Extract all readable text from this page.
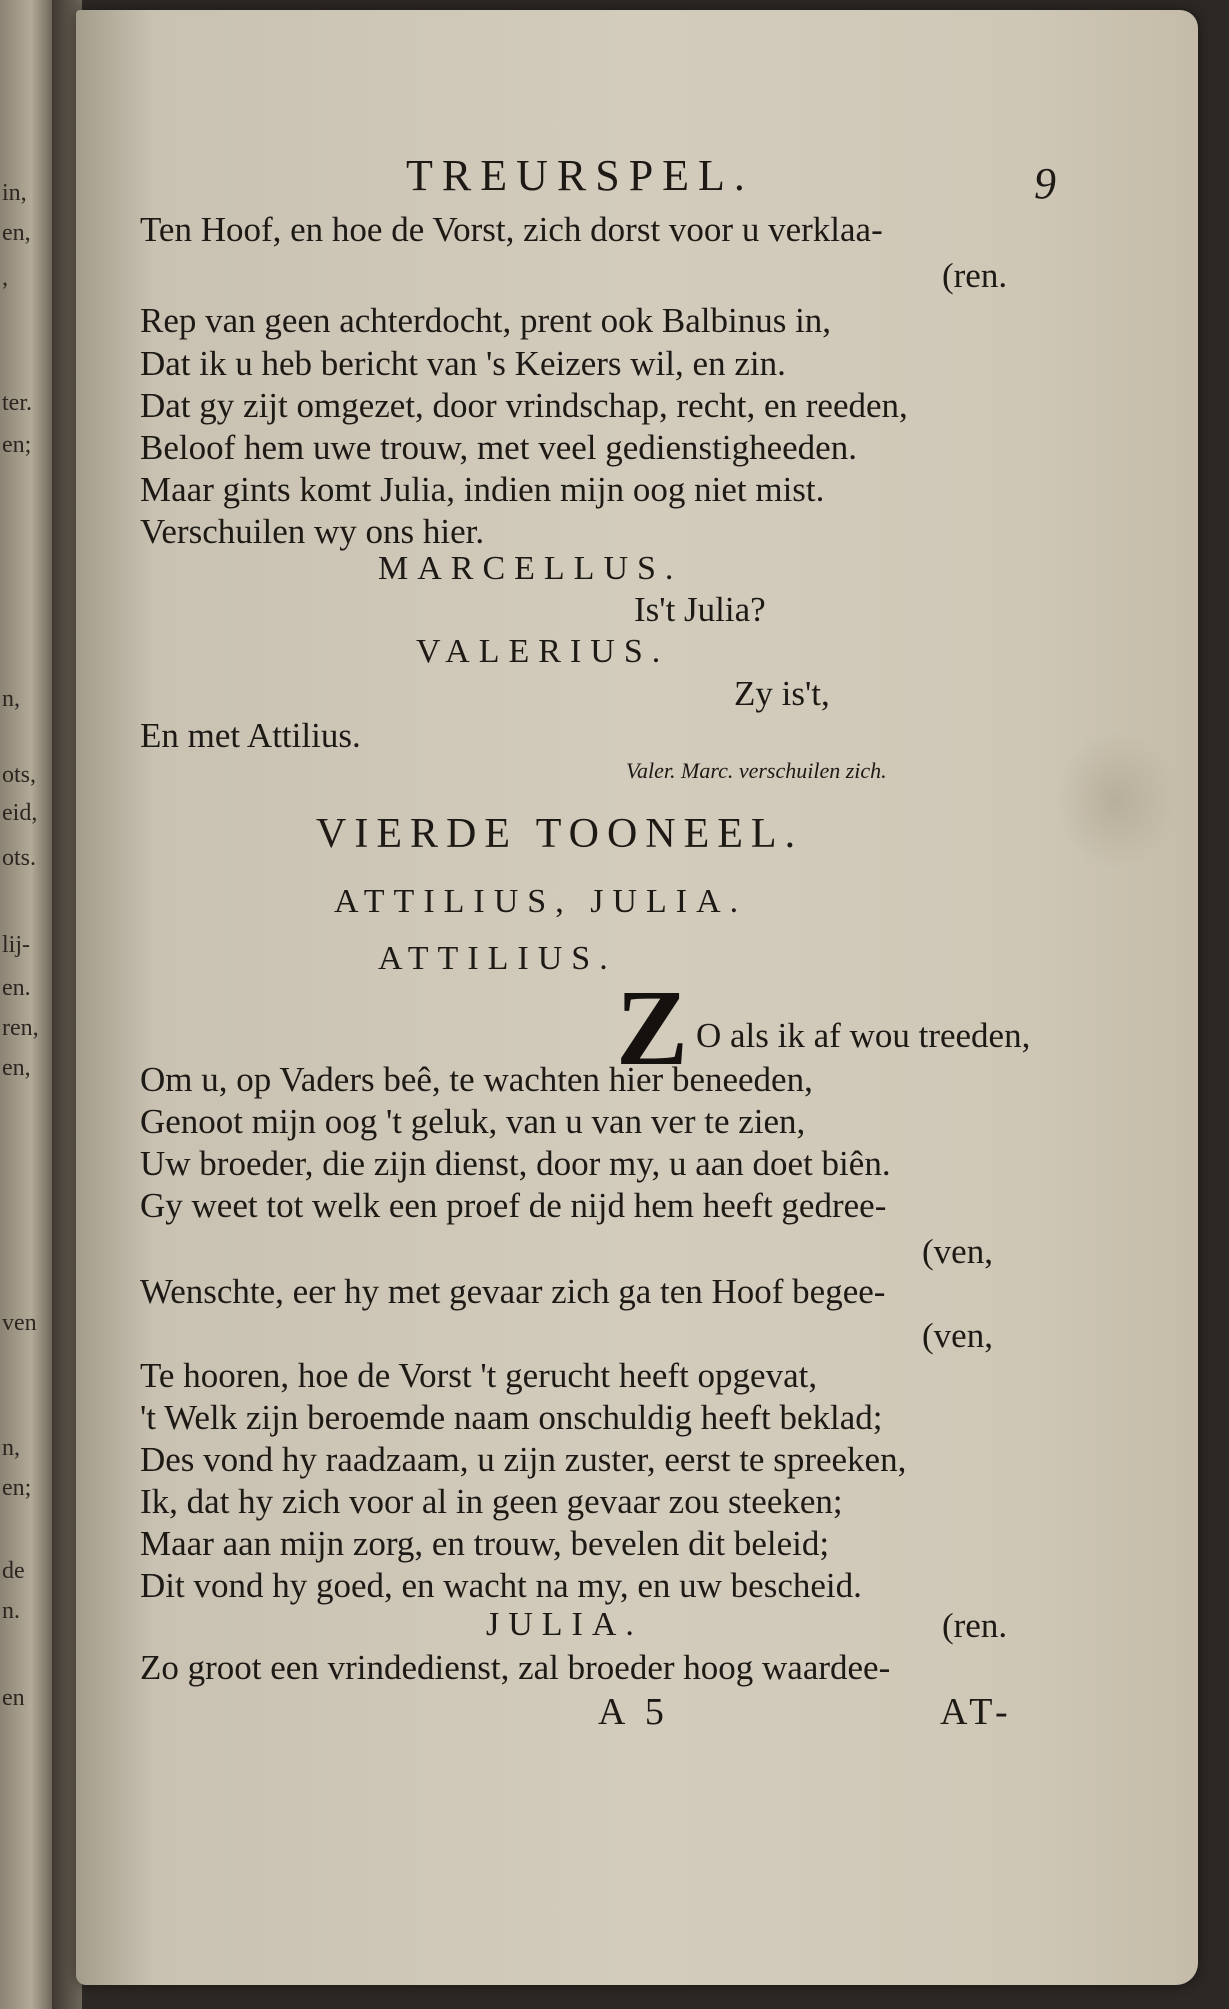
in,
en,
,
ter.
en;
n,
ots,
eid,
ots.
lij-
en.
ren,
en,
ven
n,
en;
de
n.
en
TREURSPEL.	9
Ten Hoof, en hoe de Vorst, zich dorst voor u verklaa-
(ren.
Rep van geen achterdocht, prent ook Balbinus in,
Dat ik u heb bericht van 's Keizers wil, en zin.
Dat gy zijt omgezet, door vrindschap, recht, en reeden,
Beloof hem uwe trouw, met veel gedienstigheeden.
Maar gints komt Julia, indien mijn oog niet mist.
Verschuilen wy ons hier.
MARCELLUS.
Is't Julia?
VALERIUS.
Zy is't,
En met Attilius.
Valer. Marc. verschuilen zich.
VIERDE TOONEEL.
ATTILIUS, JULIA.
ATTILIUS.
Z O als ik af wou treeden,
Om u, op Vaders beê, te wachten hier beneeden,
Genoot mijn oog 't geluk, van u van ver te zien,
Uw broeder, die zijn dienst, door my, u aan doet biên.
Gy weet tot welk een proef de nijd hem heeft gedree-
(ven,
Wenschte, eer hy met gevaar zich ga ten Hoof begee-
(ven,
Te hooren, hoe de Vorst 't gerucht heeft opgevat,
't Welk zijn beroemde naam onschuldig heeft beklad;
Des vond hy raadzaam, u zijn zuster, eerst te spreeken,
Ik, dat hy zich voor al in geen gevaar zou steeken;
Maar aan mijn zorg, en trouw, bevelen dit beleid;
Dit vond hy goed, en wacht na my, en uw bescheid.
JULIA.	(ren.
Zo groot een vrindedienst, zal broeder hoog waardee-
A 5	AT-
